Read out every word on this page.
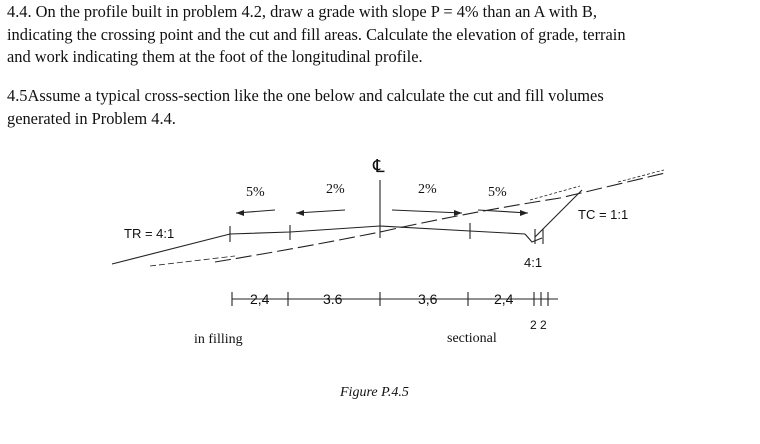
4.4. On the profile built in problem 4.2, draw a grade with slope P = 4% than an A with B,
indicating the crossing point and the cut and fill areas. Calculate the elevation of grade, terrain
and work indicating them at the foot of the longitudinal profile.
4.5Assume a typical cross-section like the one below and calculate the cut and fill volumes
generated in Problem 4.4.
℄
5%	2%	2%	5%
TR = 4:1
TC = 1:1
4:1
2,4	3.6	3,6	2,4
2 2
in filling	sectional
Figure P.4.5
